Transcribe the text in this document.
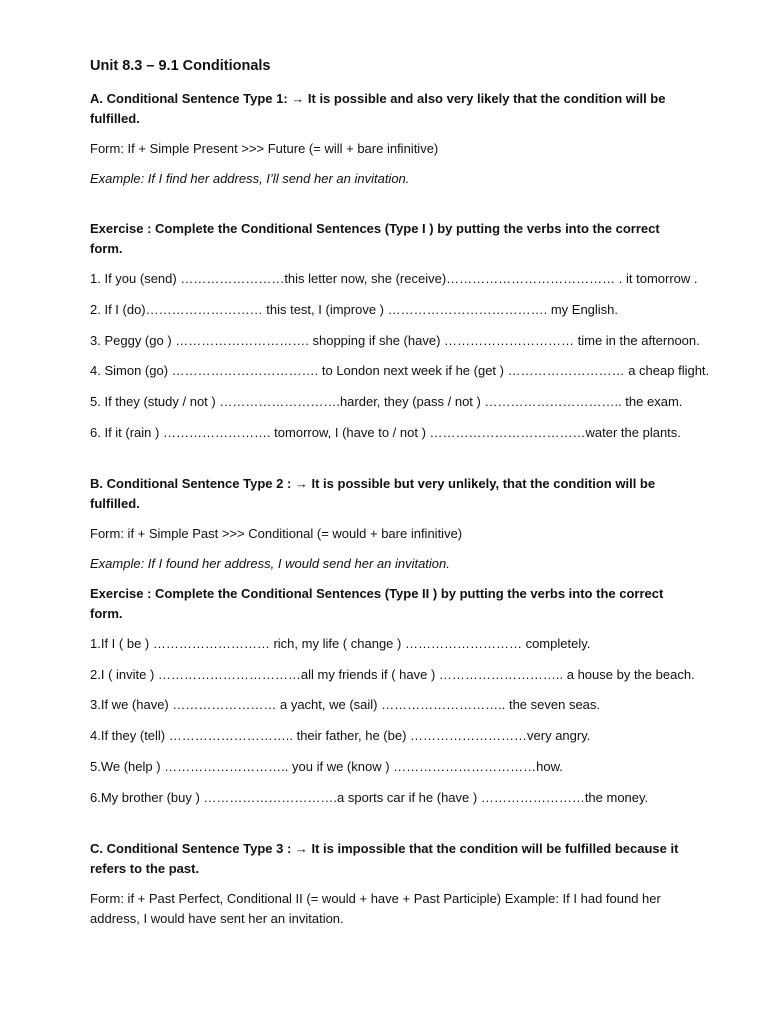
Unit 8.3 – 9.1 Conditionals
A. Conditional Sentence Type 1: → It is possible and also very likely that the condition will be fulfilled.
Form: If + Simple Present >>> Future (= will + bare infinitive)
Example: If I find her address, I’ll send her an invitation.
Exercise : Complete the Conditional Sentences (Type I ) by putting the verbs into the correct form.
1. If you (send) ……………………this letter now, she (receive)………………………………… . it tomorrow .
2. If I (do)……………………… this test, I (improve ) ………………………………. my English.
3. Peggy (go ) …………………………. shopping if she (have) ………………………… time in the afternoon.
4. Simon (go) ……………………………. to London next week if he (get ) ……………………… a cheap flight.
5. If they (study / not ) ……………………….harder, they (pass / not ) ………………………….. the exam.
6. If it (rain ) ……………………. tomorrow, I (have to / not ) ………………………………water the plants.
B. Conditional Sentence Type 2 : → It is possible but very unlikely, that the condition will be fulfilled.
Form: if + Simple Past >>> Conditional (= would + bare infinitive)
Example: If I found her address, I would send her an invitation.
Exercise : Complete the Conditional Sentences (Type II ) by putting the verbs into the correct form.
1.If I ( be ) ……………………… rich, my life ( change ) ……………………… completely.
2.I ( invite ) ……………………………all my friends if ( have ) ……………………….. a house by the beach.
3.If we (have) …………………… a yacht, we (sail) ……………………….. the seven seas.
4.If they (tell) ……………………….. their father, he (be) ………………………very angry.
5.We (help ) ……………………….. you if we (know ) ……………………………how.
6.My brother (buy ) ………………………….a sports car if he (have ) ……………………the money.
C. Conditional Sentence Type 3 : → It is impossible that the condition will be fulfilled because it refers to the past.
Form: if + Past Perfect, Conditional II (= would + have + Past Participle) Example: If I had found her address, I would have sent her an invitation.
